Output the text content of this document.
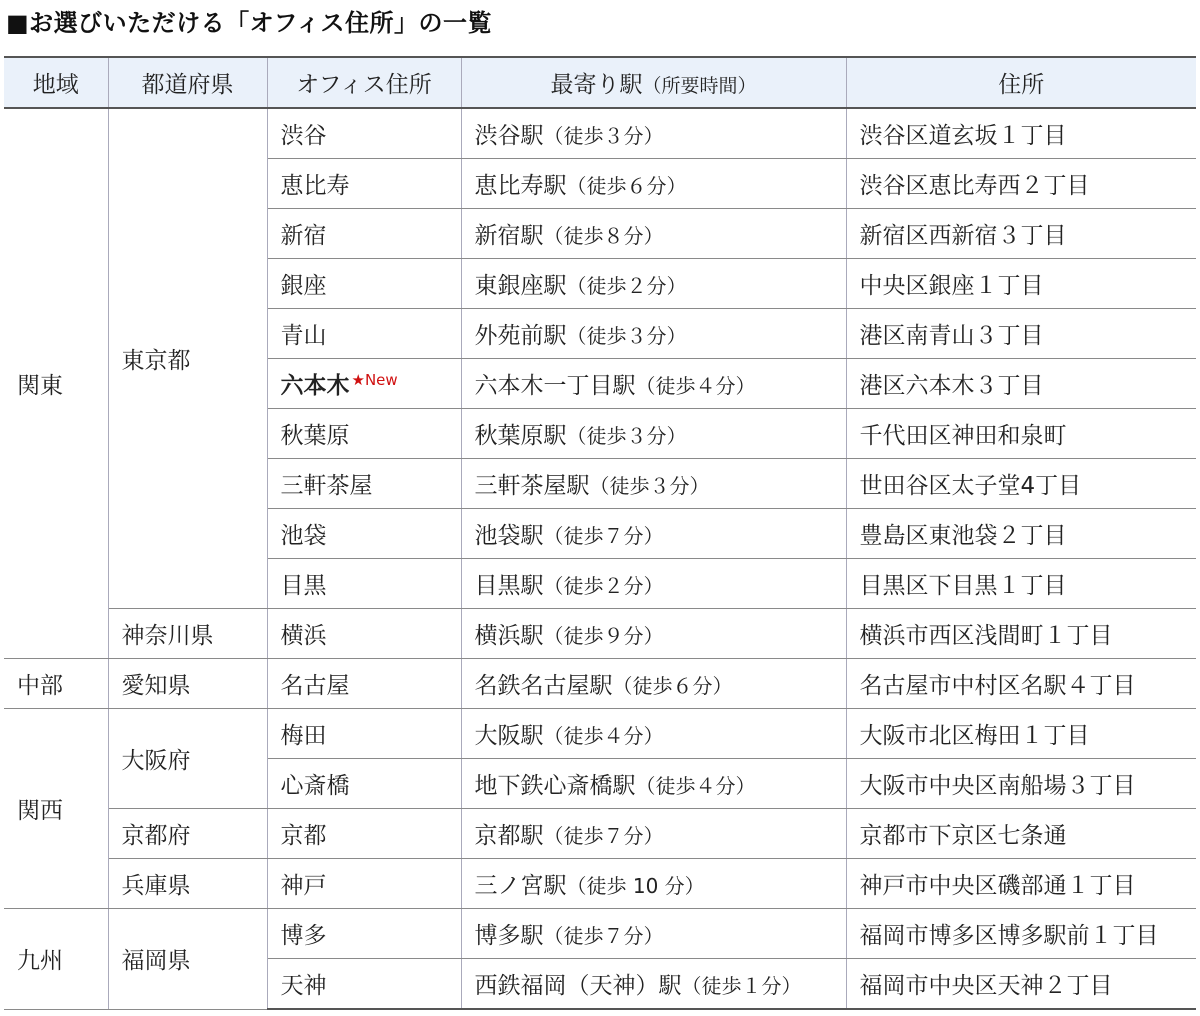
■お選びいただける「オフィス住所」の一覧
地域	都道府県	オフィス住所	最寄り駅（所要時間）	住所
関東	東京都	渋谷	渋谷駅（徒歩３分）	渋谷区道玄坂１丁目
		恵比寿	恵比寿駅（徒歩６分）	渋谷区恵比寿西２丁目
		新宿	新宿駅（徒歩８分）	新宿区西新宿３丁目
		銀座	東銀座駅（徒歩２分）	中央区銀座１丁目
		青山	外苑前駅（徒歩３分）	港区南青山３丁目
		六本木 $^{★New}$	六本木一丁目駅（徒歩４分）	港区六本木３丁目
		秋葉原	秋葉原駅（徒歩３分）	千代田区神田和泉町
		三軒茶屋	三軒茶屋駅（徒歩３分）	世田谷区太子堂4丁目
		池袋	池袋駅（徒歩７分）	豊島区東池袋２丁目
		目黒	目黒駅（徒歩２分）	目黒区下目黒１丁目
	神奈川県	横浜	横浜駅（徒歩９分）	横浜市西区浅間町１丁目
中部	愛知県	名古屋	名鉄名古屋駅（徒歩６分）	名古屋市中村区名駅４丁目
関西	大阪府	梅田	大阪駅（徒歩４分）	大阪市北区梅田１丁目
		心斎橋	地下鉄心斎橋駅（徒歩４分）	大阪市中央区南船場３丁目
	京都府	京都	京都駅（徒歩７分）	京都市下京区七条通
	兵庫県	神戸	三ノ宮駅（徒歩 10 分）	神戸市中央区磯部通１丁目
九州	福岡県	博多	博多駅（徒歩７分）	福岡市博多区博多駅前１丁目
		天神	西鉄福岡（天神）駅（徒歩１分）	福岡市中央区天神２丁目
